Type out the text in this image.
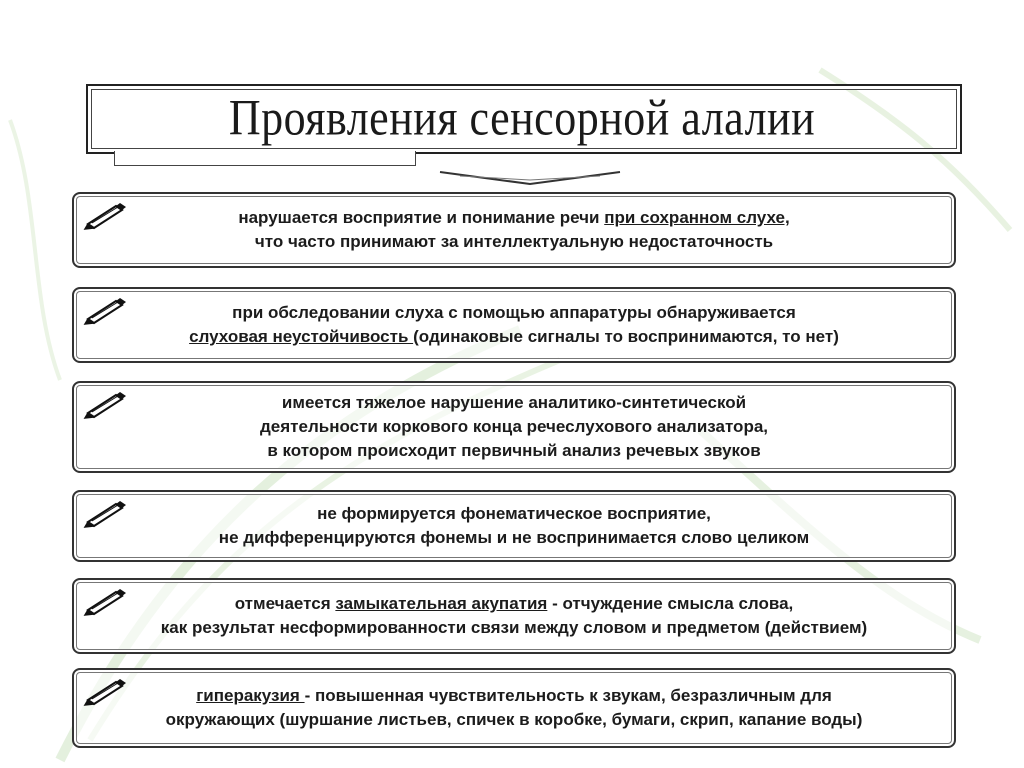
Проявления сенсорной алалии
нарушается восприятие и понимание речи при сохранном слухе,
что часто принимают за интеллектуальную недостаточность
при обследовании слуха с помощью аппаратуры обнаруживается
слуховая неустойчивость (одинаковые сигналы то воспринимаются, то нет)
имеется тяжелое нарушение аналитико-синтетической
деятельности коркового конца речеслухового анализатора,
в котором происходит первичный анализ речевых звуков
не формируется фонематическое восприятие,
не дифференцируются фонемы и не воспринимается слово целиком
отмечается замыкательная акупатия - отчуждение смысла слова,
как результат несформированности связи между словом и предметом (действием)
гиперакузия - повышенная чувствительность к звукам, безразличным для
окружающих (шуршание листьев, спичек в коробке, бумаги, скрип, капание воды)
